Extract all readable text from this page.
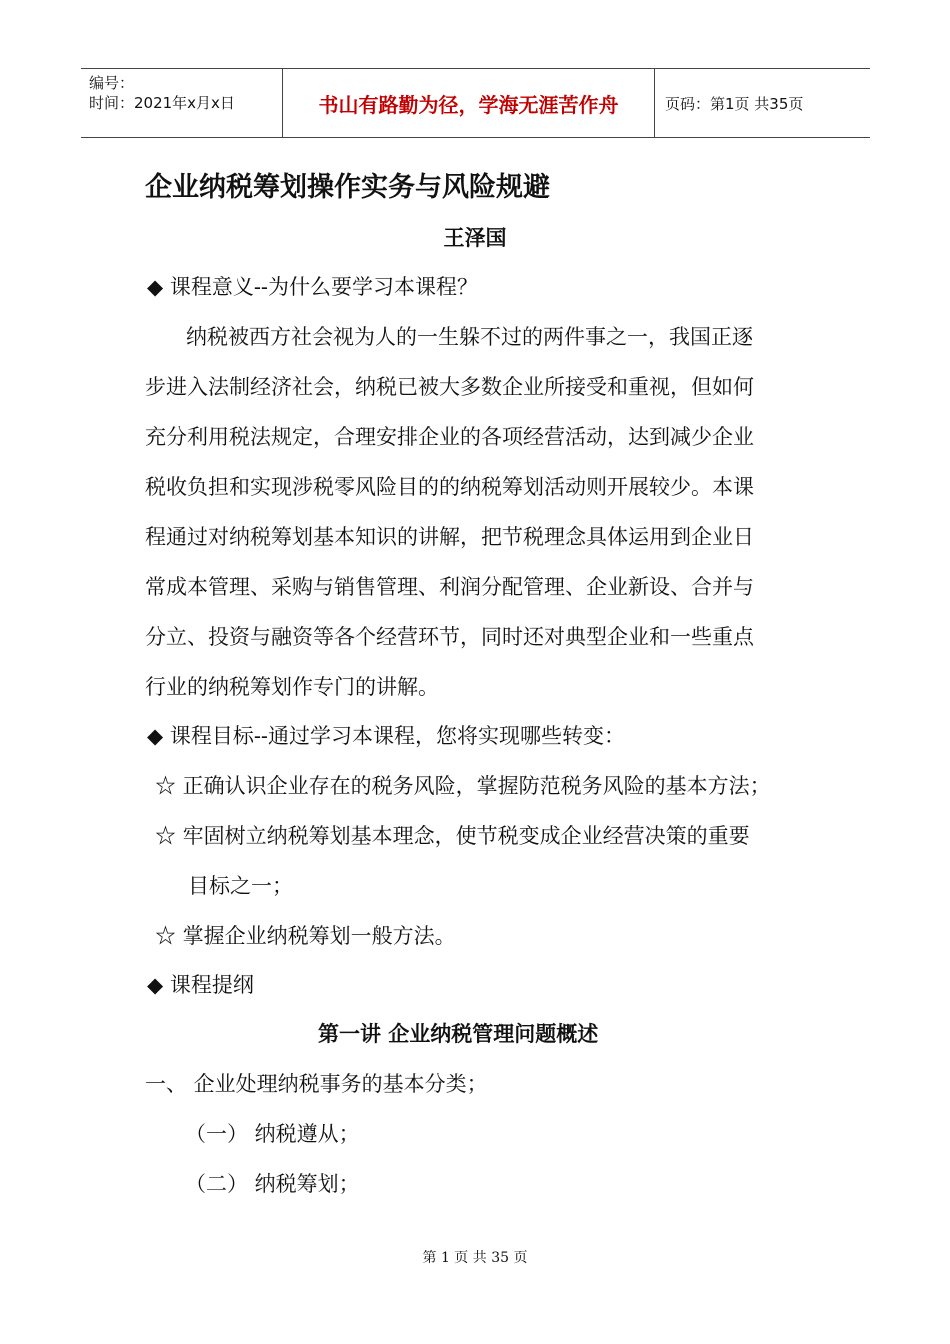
编号：
时间：2021年x月x日	书山有路勤为径，学海无涯苦作舟	页码：第1页 共35页
企业纳税筹划操作实务与风险规避
王泽国
◆ 课程意义--为什么要学习本课程？
纳税被西方社会视为人的一生躲不过的两件事之一，我国正逐
步进入法制经济社会，纳税已被大多数企业所接受和重视，但如何
充分利用税法规定，合理安排企业的各项经营活动，达到减少企业
税收负担和实现涉税零风险目的的纳税筹划活动则开展较少。本课
程通过对纳税筹划基本知识的讲解，把节税理念具体运用到企业日
常成本管理、采购与销售管理、利润分配管理、企业新设、合并与
分立、投资与融资等各个经营环节，同时还对典型企业和一些重点
行业的纳税筹划作专门的讲解。
◆ 课程目标--通过学习本课程，您将实现哪些转变：
☆ 正确认识企业存在的税务风险，掌握防范税务风险的基本方法；
☆ 牢固树立纳税筹划基本理念，使节税变成企业经营决策的重要
目标之一；
☆ 掌握企业纳税筹划一般方法。
◆ 课程提纲
第一讲 企业纳税管理问题概述
一、 企业处理纳税事务的基本分类；
（一） 纳税遵从；
（二） 纳税筹划；
第 1 页 共 35 页
